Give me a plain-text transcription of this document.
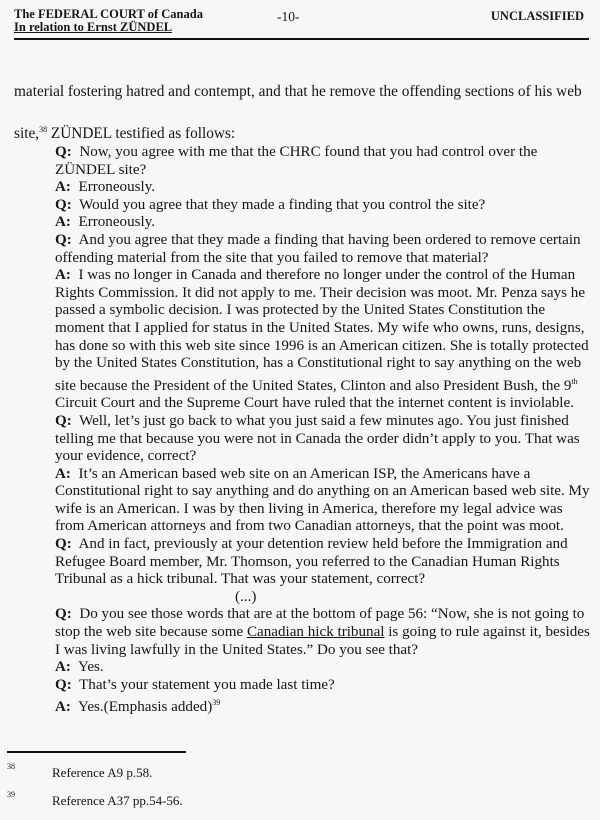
The FEDERAL COURT of Canada
In relation to Ernst ZÜNDEL
-10-	UNCLASSIFIED
material fostering hatred and contempt, and that he remove the offending sections of his web
site,$^{38}$ ZÜNDEL testified as follows:

Q: Now, you agree with me that the CHRC found that you had control over the ZÜNDEL site?

A: Erroneously.

Q: Would you agree that they made a finding that you control the site?

A: Erroneously.

Q: And you agree that they made a finding that having been ordered to remove certain offending material from the site that you failed to remove that material?

A: I was no longer in Canada and therefore no longer under the control of the Human Rights Commission. It did not apply to me. Their decision was moot. Mr. Penza says he passed a symbolic decision. I was protected by the United States Constitution the moment that I applied for status in the United States. My wife who owns, runs, designs, has done so with this web site since 1996 is an American citizen. She is totally protected by the United States Constitution, has a Constitutional right to say anything on the web site because the President of the United States, Clinton and also President Bush, the 9th Circuit Court and the Supreme Court have ruled that the internet content is inviolable.

Q: Well, let’s just go back to what you just said a few minutes ago. You just finished telling me that because you were not in Canada the order didn’t apply to you. That was your evidence, correct?

A: It’s an American based web site on an American ISP, the Americans have a Constitutional right to say anything and do anything on an American based web site. My wife is an American. I was by then living in America, therefore my legal advice was from American attorneys and from two Canadian attorneys, that the point was moot.

Q: And in fact, previously at your detention review held before the Immigration and Refugee Board member, Mr. Thomson, you referred to the Canadian Human Rights Tribunal as a hick tribunal. That was your statement, correct?

(...)

Q: Do you see those words that are at the bottom of page 56: “Now, she is not going to stop the web site because some Canadian hick tribunal is going to rule against it, besides I was living lawfully in the United States.” Do you see that?

A: Yes.

Q: That’s your statement you made last time?

A: Yes.(Emphasis added)$^{39}$

38	Reference A9 p.58.
39	Reference A37 pp.54-56.
